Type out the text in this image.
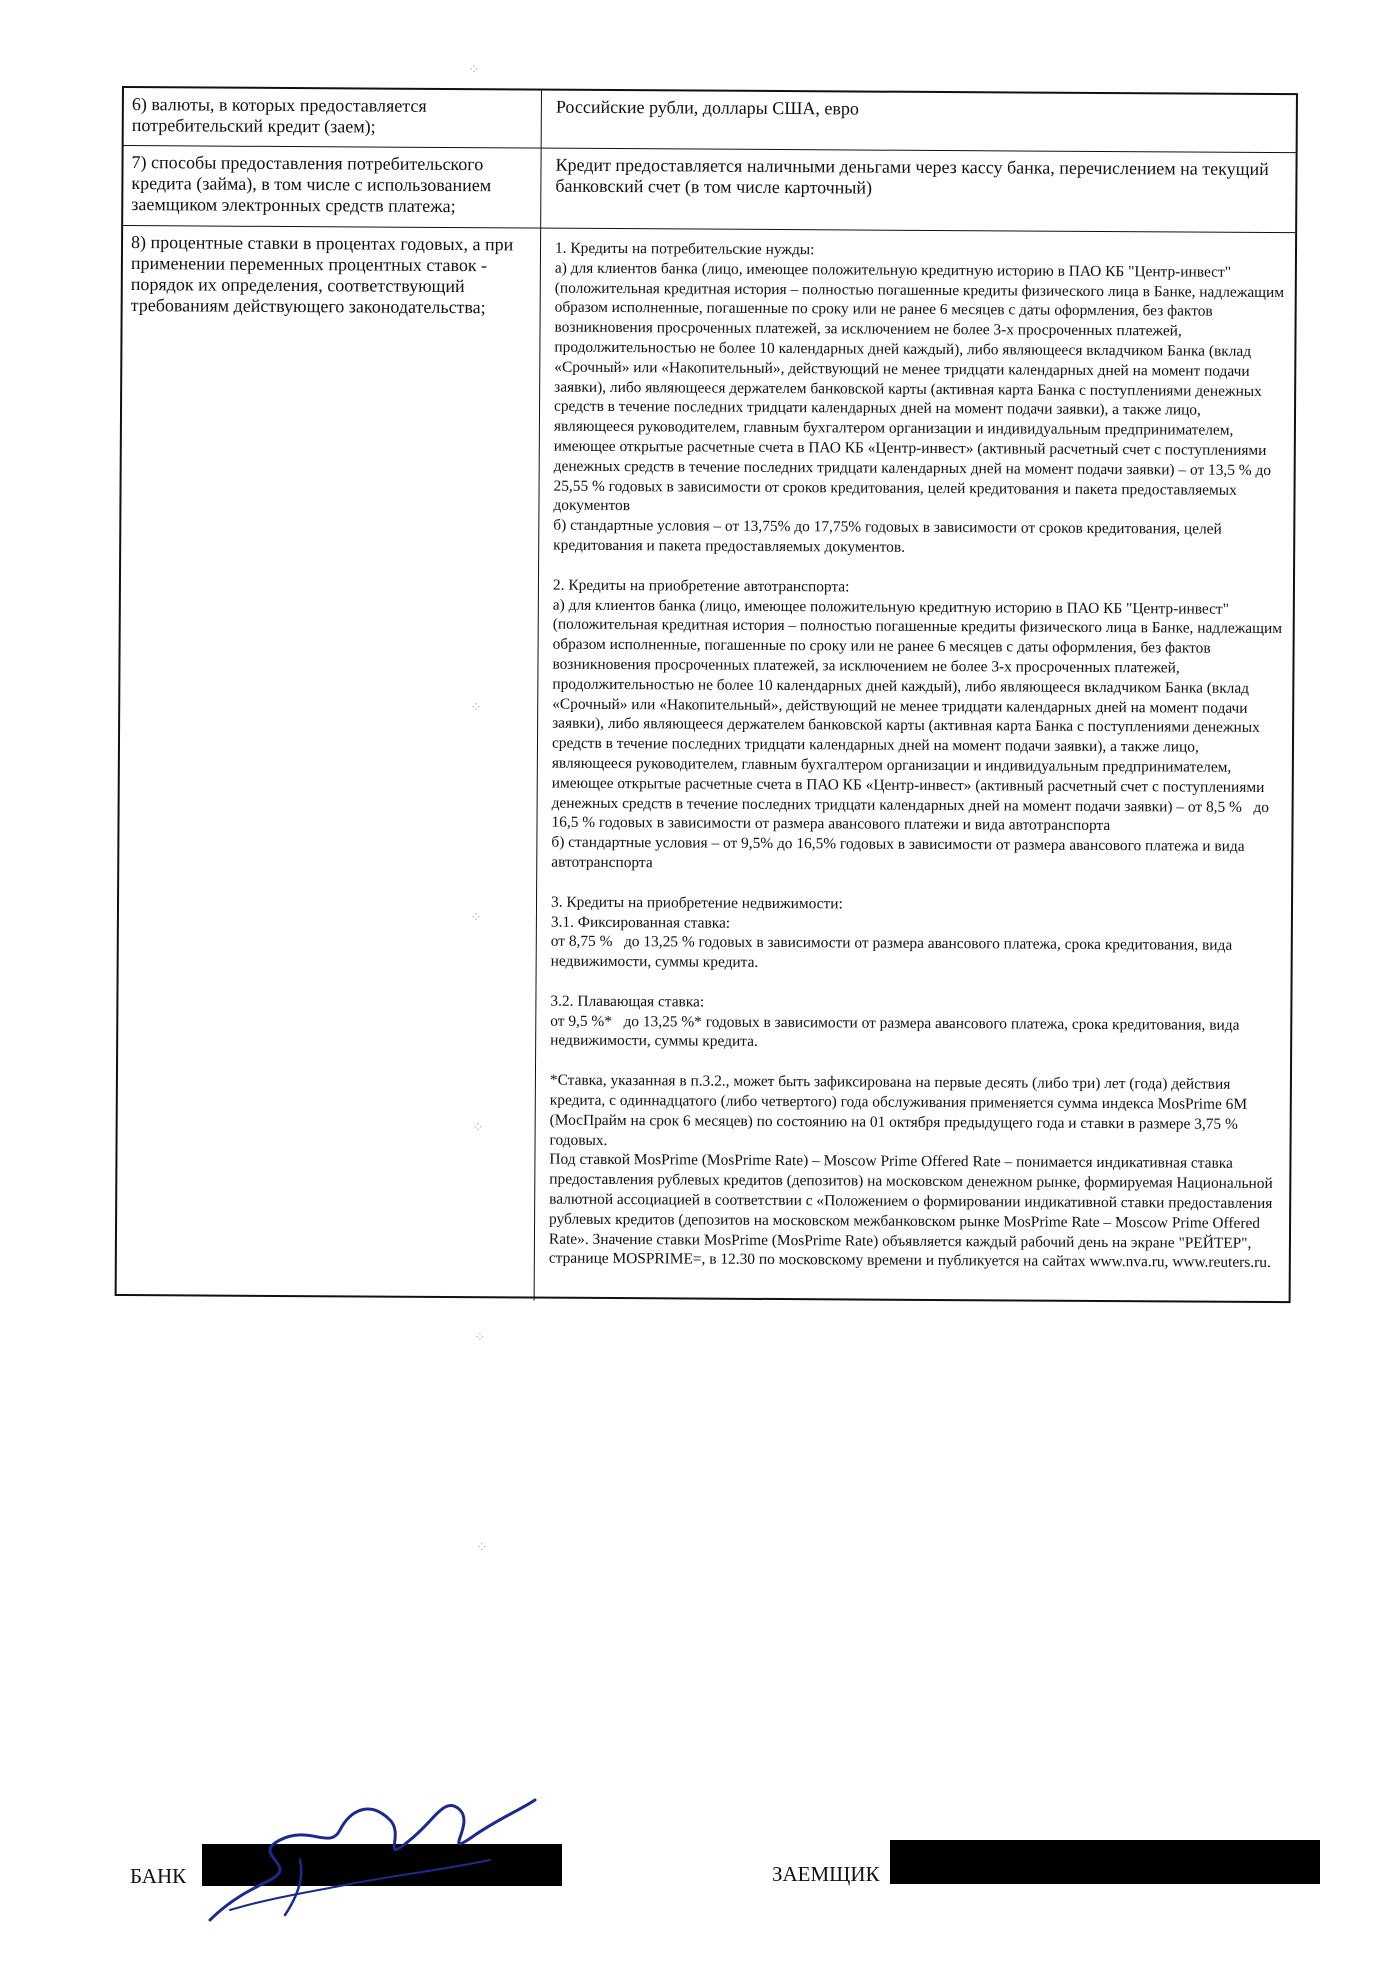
6) валюты, в которых предоставляется потребительский кредит (заем);
Российские рубли, доллары США, евро
7) способы предоставления потребительского кредита (займа), в том числе с использованием заемщиком электронных средств платежа;
Кредит предоставляется наличными деньгами через кассу банка, перечислением на текущий банковский счет (в том числе карточный)
8) процентные ставки в процентах годовых, а при применении переменных процентных ставок - порядок их определения, соответствующий требованиям действующего законодательства;

1. Кредиты на потребительские нужды:

а) для клиентов банка (лицо, имеющее положительную кредитную историю в ПАО КБ "Центр-инвест" (положительная кредитная история – полностью погашенные кредиты физического лица в Банке, надлежащим образом исполненные, погашенные по сроку или не ранее 6 месяцев с даты оформления, без фактов возникновения просроченных платежей, за исключением не более 3-х просроченных платежей, продолжительностью не более 10 календарных дней каждый), либо являющееся вкладчиком Банка (вклад «Срочный» или «Накопительный», действующий не менее тридцати календарных дней на момент подачи заявки), либо являющееся держателем банковской карты (активная карта Банка с поступлениями денежных средств в течение последних тридцати календарных дней на момент подачи заявки), а также лицо, являющееся руководителем, главным бухгалтером организации и индивидуальным предпринимателем, имеющее открытые расчетные счета в ПАО КБ «Центр-инвест» (активный расчетный счет с поступлениями денежных средств в течение последних тридцати календарных дней на момент подачи заявки) – от 13,5 % до 25,55 % годовых в зависимости от сроков кредитования, целей кредитования и пакета предоставляемых документов

б) стандартные условия – от 13,75% до 17,75% годовых в зависимости от сроков кредитования, целей кредитования и пакета предоставляемых документов.

2. Кредиты на приобретение автотранспорта:

а) для клиентов банка (лицо, имеющее положительную кредитную историю в ПАО КБ "Центр-инвест" (положительная кредитная история – полностью погашенные кредиты физического лица в Банке, надлежащим образом исполненные, погашенные по сроку или не ранее 6 месяцев с даты оформления, без фактов возникновения просроченных платежей, за исключением не более 3-х просроченных платежей, продолжительностью не более 10 календарных дней каждый), либо являющееся вкладчиком Банка (вклад «Срочный» или «Накопительный», действующий не менее тридцати календарных дней на момент подачи заявки), либо являющееся держателем банковской карты (активная карта Банка с поступлениями денежных средств в течение последних тридцати календарных дней на момент подачи заявки), а также лицо, являющееся руководителем, главным бухгалтером организации и индивидуальным предпринимателем, имеющее открытые расчетные счета в ПАО КБ «Центр-инвест» (активный расчетный счет с поступлениями денежных средств в течение последних тридцати календарных дней на момент подачи заявки) – от 8,5 %   до 16,5 % годовых в зависимости от размера авансового платежи и вида автотранспорта

б) стандартные условия – от 9,5% до 16,5% годовых в зависимости от размера авансового платежа и вида автотранспорта

3. Кредиты на приобретение недвижимости:

3.1. Фиксированная ставка:

от 8,75 %   до 13,25 % годовых в зависимости от размера авансового платежа, срока кредитования, вида недвижимости, суммы кредита.

3.2. Плавающая ставка:

от 9,5 %*   до 13,25 %* годовых в зависимости от размера авансового платежа, срока кредитования, вида недвижимости, суммы кредита.

*Ставка, указанная в п.3.2., может быть зафиксирована на первые десять (либо три) лет (года) действия кредита, с одиннадцатого (либо четвертого) года обслуживания применяется сумма индекса MosPrime 6M (МосПрайм на срок 6 месяцев) по состоянию на 01 октября предыдущего года и ставки в размере 3,75 % годовых.

Под ставкой MosPrime (MosPrime Rate) – Moscow Prime Offered Rate – понимается индикативная ставка предоставления рублевых кредитов (депозитов) на московском денежном рынке, формируемая Национальной валютной ассоциацией в соответствии с «Положением о формировании индикативной ставки предоставления рублевых кредитов (депозитов на московском межбанковском рынке MosPrime Rate – Moscow Prime Offered Rate». Значение ставки MosPrime (MosPrime Rate) объявляется каждый рабочий день на экране "РЕЙТЕР", странице MOSPRIME=, в 12.30 по московскому времени и публикуется на сайтах www.nva.ru, www.reuters.ru.

⁘
⁘
⁘
⁘
⁘
⁘
БАНК	ЗАЕМЩИК
